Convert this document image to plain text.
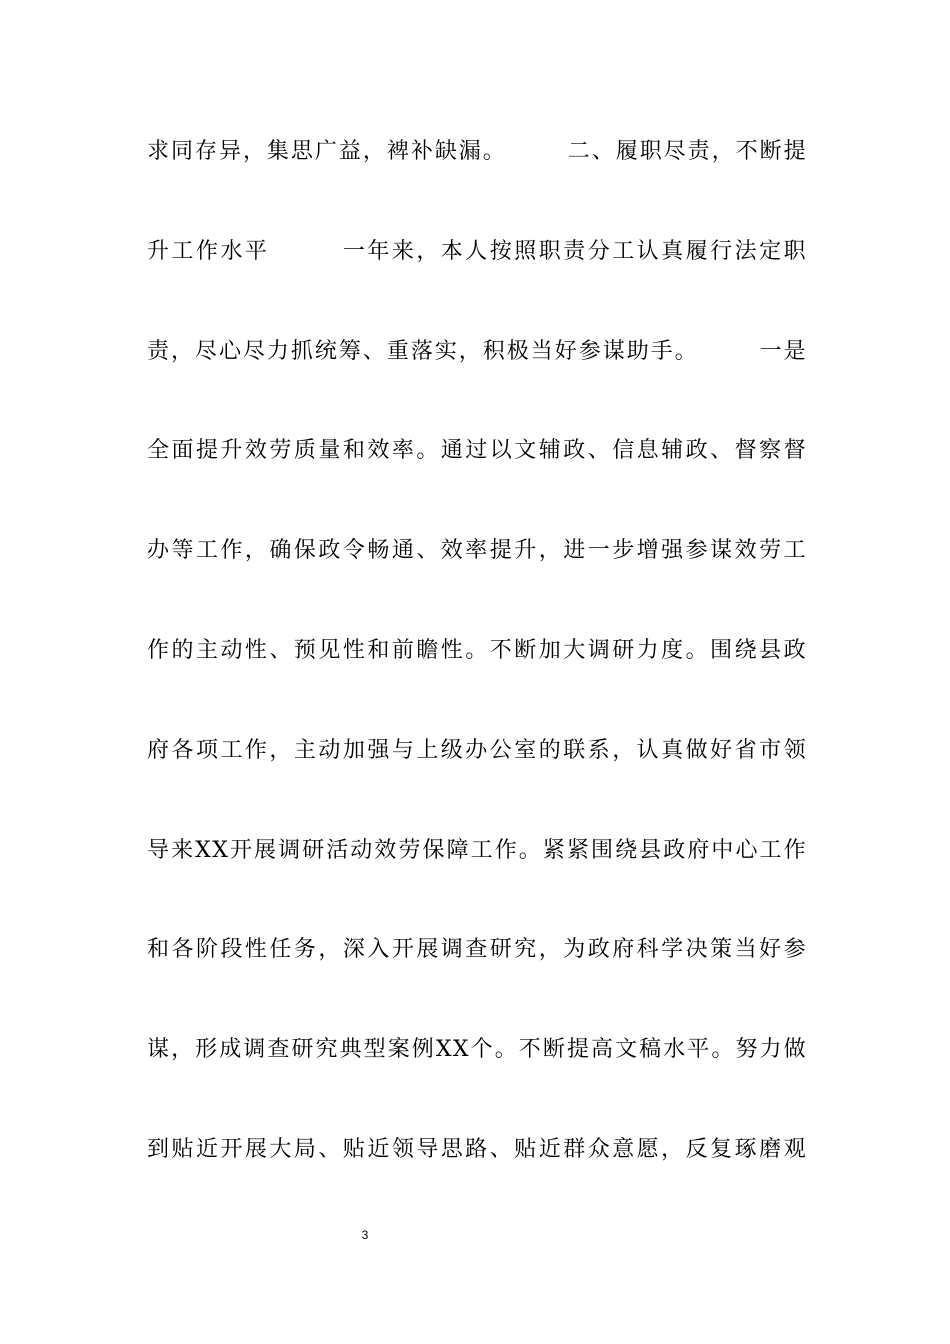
求同存异，集思广益，裨补缺漏。　　　二、履职尽责，不断提
升工作水平　　　一年来，本人按照职责分工认真履行法定职
责，尽心尽力抓统筹、重落实，积极当好参谋助手。　　　一是
全面提升效劳质量和效率。通过以文辅政、信息辅政、督察督
办等工作，确保政令畅通、效率提升，进一步增强参谋效劳工
作的主动性、预见性和前瞻性。不断加大调研力度。围绕县政
府各项工作，主动加强与上级办公室的联系，认真做好省市领
导来XX开展调研活动效劳保障工作。紧紧围绕县政府中心工作
和各阶段性任务，深入开展调查研究，为政府科学决策当好参
谋，形成调查研究典型案例XX个。不断提高文稿水平。努力做
到贴近开展大局、贴近领导思路、贴近群众意愿，反复琢磨观
3
